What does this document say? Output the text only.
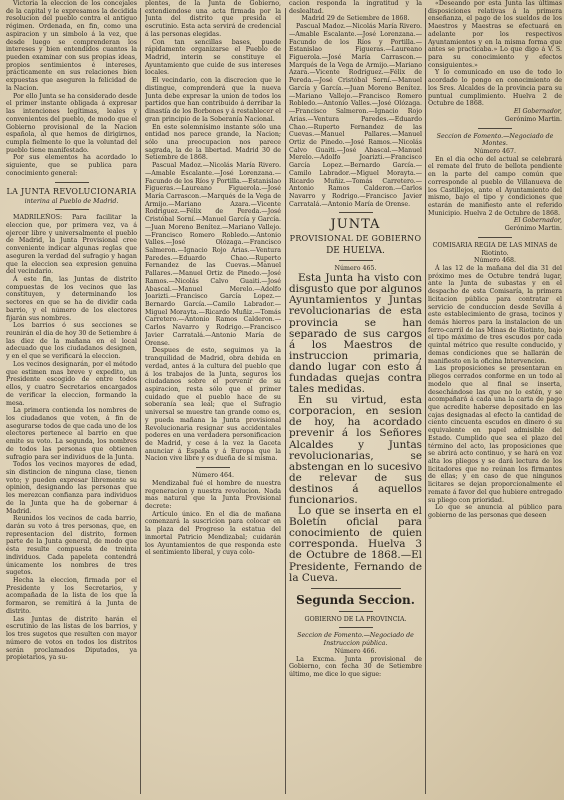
Victoria la eleccion de los concejales de la capital y le expresamos la decidida resolucion del pueblo contra el antiguo régimen. Ordenada, en fin, como una aspiracion y un simbolo á la vez, que desde luego se comprenderan los intereses y bien entendidos cuantos la pueden examinar con sus propias ideas, propios sentimientos é intereses, prácticamente en sus relaciones bien expuestas que aseguren la felicidad de la Nacion.

Por ello Junta se ha considerado desde el primer instante obligada á expresar las intenciones legítimas, leales y convenientes del pueblo, de modo que el Gobierno provisional de la Nacion española, al que hemos de dirigirnos, cumpla fielmente lo que la voluntad del pueblo tiene manifestado.

Por sus elementos ha acordado lo siguiente, que se publica para conocimiento general:

LA JUNTA REVOLUCIONARIA

interina al Pueblo de Madrid.

MADRILEÑOS: Para facilitar la eleccion que, por primera vez, va á ejercer libre y universalmente el pueblo de Madrid, la Junta Provisional cree conveniente indicar algunas reglas que aseguren la verdad del sufragio y hagan que la eleccion sea expresion genuina del vecindario.

Á este fin, las Juntas de distrito compuestas de los vecinos que las constituyen, y determinando los sectores en que se ha de dividir cada barrio, y el número de los electores fijarán sus nombres.

Los barrios ó sus secciones se reunirán el dia de hoy 30 de Setiembre á las diez de la mañana en el local adecuado que los ciudadanos designen, y en el que se verificará la eleccion.

Los vecinos designarán, por el método que estimen mas breve y expedito, un Presidente escogido de entre todos ellos, y cuatro Secretarios encargados de verificar la eleccion, formando la mesa.

La primera contienda los nombres de los ciudadanos que voten, á fin de asegurarse todos de que cada uno de los electores pertenece al barrio en que emite su voto. La segunda, los nombres de todos las personas que obtienen sufragio para ser individuos de la Junta.

Todos los vecinos mayores de edad, sin distincion de ninguna clase, tienen voto; y pueden expresar libremente su opinion, designando las personas que les merezcan confianza para individuos de la Junta que ha de gobernar á Madrid.

Reunidos los vecinos de cada barrio, darán su voto á tres personas, que, en representacion del distrito, formen parte de la Junta general, de modo que ésta resulte compuesta de treinta individuos. Cada papeleta contendrá únicamente los nombres de tres sugetos.

Hecha la eleccion, firmada por el Presidente y los Secretarios, y acompañada de la lista de los que la formaron, se remitirá á la Junta de distrito.

Las Juntas de distrito harán el escrutinio de las listas de los barrios, y los tres sugetos que resulten con mayor número de votos en todos los distritos serán proclamados Diputados, ya propietarios, ya su-

plentes, de la Junta de Gobierno, extendiendose una acta firmada por la Junta del distrito que presida el escrutinio. Esta acta servirá de credencial á las personas elegidas.

Con tan sencillas bases, puede rápidamente organizarse el Pueblo de Madrid, interin se constituye el Ayuntamiento que cuide de sus intereses locales.

El vecindario, con la discrecion que le distingue, comprenderá que la nueva Junta debe expresar la union de todos los partidos que han contribuido á derribar la dinastía de los Borbones y á restablecer el gran principio de la Soberanía Nacional.

En este solemnísimo instante sólo una entidad nos parece grande, la Nacion; sólo una preocupacion nos parece sagrada, la de la libertad. Madrid 30 de Setiembre de 1868.

Pascual Madoz.—Nicolás María Rivero.—Amable Escalante.—José Lorenzana.—Facundo de los Ríos y Portilla.—Estanislao Figueras.—Laureano Figuerola.—José María Carrascon.—Marqués de la Vega de Armijo.—Mariano Azara.—Vicente Rodriguez.—Félix de Pereda.—José Cristóbal Sorní.—Manuel García y García.—Juan Moreno Benítez.—Mariano Vallejo.—Francisco Romero Robledo.—Antonio Valles.—José Olózaga.—Francisco Salmeron.—Ignacio Rojo Arias.—Ventura Paredes.—Eduardo Chao.—Ruperto Fernandez de las Cuevas.—Manuel Pallares.—Manuel Ortiz de Pinedo.—José Ramos.—Nicolás Calvo Guaiti.—José Abascal.—Manuel Merelo.—Adolfo Joarizti.—Francisco García Lopez.—Bernardo García.—Camilo Labrador.—Miguel Morayta.—Ricardo Muñiz.—Tomás Carretero.—Antonio Ramos Calderon.—Carlos Navarro y Rodrigo.—Francisco Javier Carratalá.—Antonio María de Orense.

Despues de esto, seguimos ya la tranquilidad de Madrid, obra debida en verdad, antes á la cultura del pueblo que á los trabajos de la Junta, seguros los ciudadanos sobre el porvenir de su aspiracion, resta sólo que el primer cuidado que el pueblo hace de su soberanía sea leal; que el Sufragio universal se muestre tan grande como es, y pueda mañana la Junta provisional Revolucionaria resignar sus accidentales poderes en una verdadera personificacion de Madrid, y cese á la vez la Gaceta anunciar á España y á Europa que la Nacion vive libre y es dueña de sí misma.

Número 464.

Mendizabal fué el hombre de nuestra regeneracion y nuestra revolucion. Nada mas natural que la Junta Provisional decrete:

Artículo único. En el dia de mañana comenzará la suscricion para colocar en la plaza del Progreso la estatua del inmortal Patricio Mendizabal; cuidarán los Ayuntamientos de que responda este el sentimiento liberal, y cuya colo-

cacion responda la ingratitud y la deslealtad.

Madrid 29 de Setiembre de 1868.

Pascual Madoz.—Nicolás María Rivero.—Amable Escalante.—José Lorenzana.—Facundo de los Ríos y Portilla.—Estanislao Figueras.—Laureano Figuerola.—José María Carrascon.—Marqués de la Vega de Armijo.—Mariano Azara.—Vicente Rodriguez.—Félix de Pereda.—José Cristóbal Sorní.—Manuel García y García.—Juan Moreno Benítez.—Mariano Vallejo.—Francisco Romero Robledo.—Antonio Valles.—José Olózaga.—Francisco Salmeron.—Ignacio Rojo Arias.—Ventura Paredes.—Eduardo Chao.—Ruperto Fernandez de las Cuevas.—Manuel Pallares.—Manuel Ortiz de Pinedo.—José Ramos.—Nicolás Calvo Guaiti.—José Abascal.—Manuel Merelo.—Adolfo Joarizti.—Francisco García Lopez.—Bernardo García.—Camilo Labrador.—Miguel Morayta.—Ricardo Muñiz.—Tomás Carretero.—Antonio Ramos Calderon.—Carlos Navarro y Rodrigo.—Francisco Javier Carratalá.—Antonio María de Orense.

JUNTA
PROVISIONAL DE GOBIERNO
DE HUELVA.

Número 465.

Esta Junta ha visto con disgusto que por algunos Ayuntamientos y Juntas revolucionarias de esta provincia se han separado de sus cargos á los Maestros de instruccion primaria, dando lugar con esto á fundadas quejas contra tales medidas.

En su virtud, esta corporacion, en sesion de hoy, ha acordado prevenir á los Señores Alcaldes y Juntas revolucionarias, se abstengan en lo sucesivo de relevar de sus destinos á aquellos funcionarios.

Lo que se inserta en el Boletín oficial para conocimiento de quien corresponda. Huelva 3 de Octubre de 1868.—El Presidente, Fernando de la Cueva.

Segunda Seccion.

GOBIERNO DE LA PROVINCIA.

Seccion de Fomento.—Negociado de Instruccion pública.

Número 466.

La Excma. Junta provisional de Gobierno, con fecha 30 de Setiembre último, me dice lo que sigue:

«Deseando por esta Junta las últimas disposiciones relativas á la primera enseñanza, el pago de los sueldos de los Maestros y Maestras se efectuará en adelante por los respectivos Ayuntamientos y en la misma forma que antes se practicaba.» Lo que digo á V. S. para su conocimiento y efectos consiguientes.»

Y lo comunicado en uso de todo lo acordado lo pongo en conocimiento de los Sres. Alcaldes de la provincia para su puntual cumplimiento. Huelva 2 de Octubre de 1868.

El Gobernador,

Gerónimo Martin.

Seccion de Fomento.—Negociado de Montes.

Número 467.

En el dia ocho del actual se celebrará el remate del fruto de bellota pendiente en la parte del campo común que corresponde al pueblo de Villanueva de los Castillejos, ante el Ayuntamiento del mismo, bajo el tipo y condiciones que estarán de manifiesto ante el referido Municipio. Huelva 2 de Octubre de 1868.

El Gobernador,

Gerónimo Martin.

COMISARIA REGIA DE LAS MINAS de Riotinto.

Número 468.

Á las 12 de la mañana del dia 31 del próximo mes de Octubre tendrá lugar, ante la Junta de subastas y en el despacho de esta Comisaría, la primera licitacion pública para contratar el servicio de conduccion desde Sevilla á este establecimiento de grasa, tocinos y demás hierros para la instalacion de un ferro-carril de las Minas de Riotinto, bajo el tipo máximo de tres escudos por cada quintal métrico que resulte conducido, y demas condiciones que se hallarán de manifiesto en la oficina Intervencion.

Las proposiciones se presentaran en pliegos cerrados conforme en un todo al modelo que al final se inserta, desechándose las que no lo estén, y se acompañará á cada una la carta de pago que acredite haberse depositado en las cajas designadas al efecto la cantidad de ciento cincuenta escudos en dinero ó su equivalente en papel admisible del Estado. Cumplido que sea el plazo del término del acto, las proposiciones que se abrirá acto continuo, y se hará en voz alta los pliegos y se dará lectura de los licitadores que no reúnan los firmantes de ellas; y en caso de que ningunos licitares se dejan proporcionalmente el remate á favor del que hubiere entregado su pliego con prioridad.

Lo que se anuncia al público para gobierno de las personas que deseen
